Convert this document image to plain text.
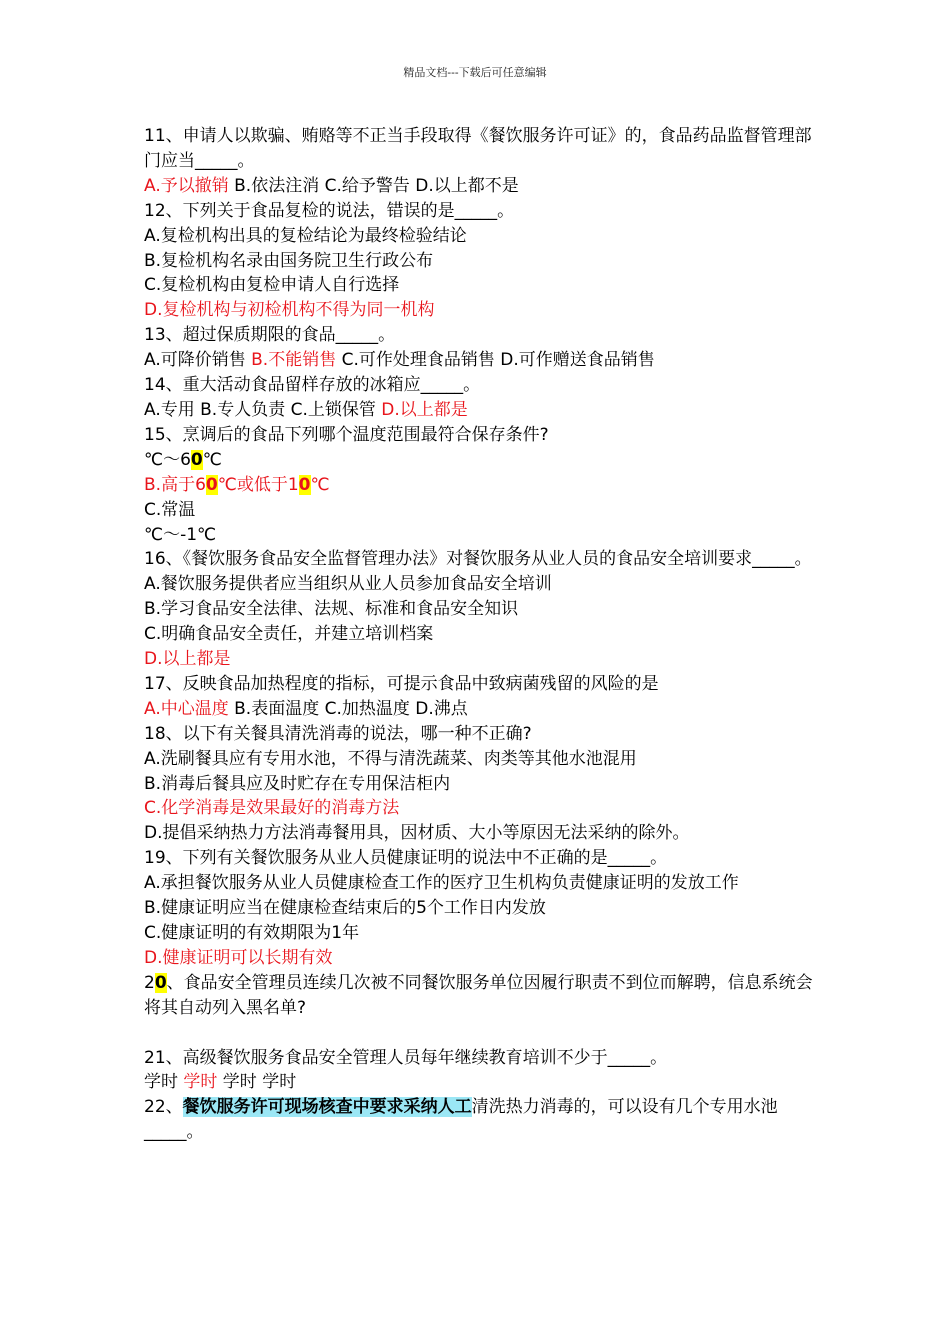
精品文档---下载后可任意编辑
11、申请人以欺骗、贿赂等不正当手段取得《餐饮服务许可证》的，食品药品监督管理部门应当_____。
A.予以撤销 B.依法注消 C.给予警告 D.以上都不是
12、下列关于食品复检的说法，错误的是_____。
A.复检机构出具的复检结论为最终检验结论
B.复检机构名录由国务院卫生行政公布
C.复检机构由复检申请人自行选择
D.复检机构与初检机构不得为同一机构
13、超过保质期限的食品_____。
A.可降价销售 B.不能销售 C.可作处理食品销售 D.可作赠送食品销售
14、重大活动食品留样存放的冰箱应_____。
A.专用 B.专人负责 C.上锁保管 D.以上都是
15、烹调后的食品下列哪个温度范围最符合保存条件?
℃～60℃
B.高于60℃或低于10℃
C.常温
℃～-1℃
16、《餐饮服务食品安全监督管理办法》对餐饮服务从业人员的食品安全培训要求_____。
A.餐饮服务提供者应当组织从业人员参加食品安全培训
B.学习食品安全法律、法规、标准和食品安全知识
C.明确食品安全责任，并建立培训档案
D.以上都是
17、反映食品加热程度的指标，可提示食品中致病菌残留的风险的是
A.中心温度 B.表面温度 C.加热温度 D.沸点
18、以下有关餐具清洗消毒的说法，哪一种不正确?
A.洗刷餐具应有专用水池，不得与清洗蔬菜、肉类等其他水池混用
B.消毒后餐具应及时贮存在专用保洁柜内
C.化学消毒是效果最好的消毒方法
D.提倡采纳热力方法消毒餐用具，因材质、大小等原因无法采纳的除外。
19、下列有关餐饮服务从业人员健康证明的说法中不正确的是_____。
A.承担餐饮服务从业人员健康检查工作的医疗卫生机构负责健康证明的发放工作
B.健康证明应当在健康检查结束后的5个工作日内发放
C.健康证明的有效期限为1年
D.健康证明可以长期有效
20、食品安全管理员连续几次被不同餐饮服务单位因履行职责不到位而解聘，信息系统会将其自动列入黑名单?
21、高级餐饮服务食品安全管理人员每年继续教育培训不少于_____。
学时 学时 学时 学时
22、餐饮服务许可现场核查中要求采纳人工清洗热力消毒的，可以设有几个专用水池_____。
